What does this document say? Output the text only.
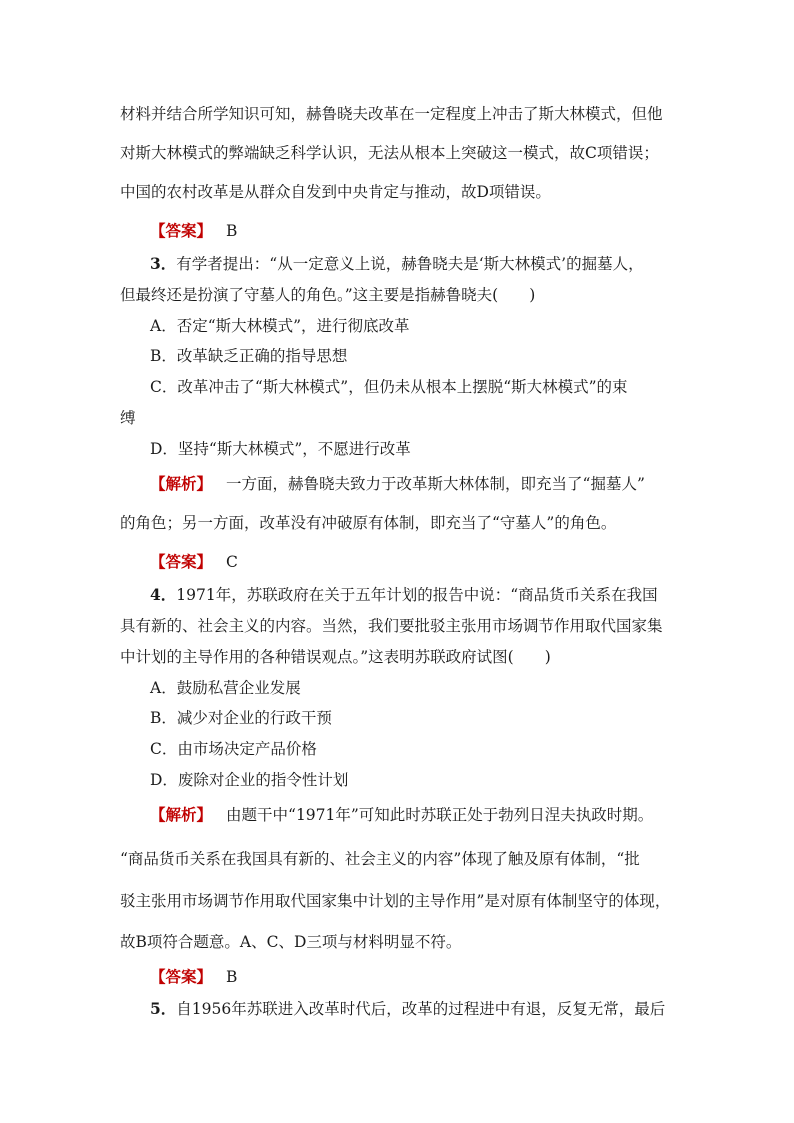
材料并结合所学知识可知，赫鲁晓夫改革在一定程度上冲击了斯大林模式，但他
对斯大林模式的弊端缺乏科学认识，无法从根本上突破这一模式，故C项错误；
中国的农村改革是从群众自发到中央肯定与推动，故D项错误。
【答案】 B
3．有学者提出：“从一定意义上说，赫鲁晓夫是‘斯大林模式’的掘墓人，
但最终还是扮演了守墓人的角色。”这主要是指赫鲁晓夫(　　)
A．否定“斯大林模式”，进行彻底改革
B．改革缺乏正确的指导思想
C．改革冲击了“斯大林模式”，但仍未从根本上摆脱“斯大林模式”的束
缚
D．坚持“斯大林模式”，不愿进行改革
【解析】 一方面，赫鲁晓夫致力于改革斯大林体制，即充当了“掘墓人”
的角色；另一方面，改革没有冲破原有体制，即充当了“守墓人”的角色。
【答案】 C
4．1971年，苏联政府在关于五年计划的报告中说：“商品货币关系在我国
具有新的、社会主义的内容。当然，我们要批驳主张用市场调节作用取代国家集
中计划的主导作用的各种错误观点。”这表明苏联政府试图(　　)
A．鼓励私营企业发展
B．减少对企业的行政干预
C．由市场决定产品价格
D．废除对企业的指令性计划
【解析】 由题干中“1971年”可知此时苏联正处于勃列日涅夫执政时期。
“商品货币关系在我国具有新的、社会主义的内容”体现了触及原有体制，“批
驳主张用市场调节作用取代国家集中计划的主导作用”是对原有体制坚守的体现，
故B项符合题意。A、C、D三项与材料明显不符。
【答案】 B
5．自1956年苏联进入改革时代后，改革的过程进中有退，反复无常，最后
